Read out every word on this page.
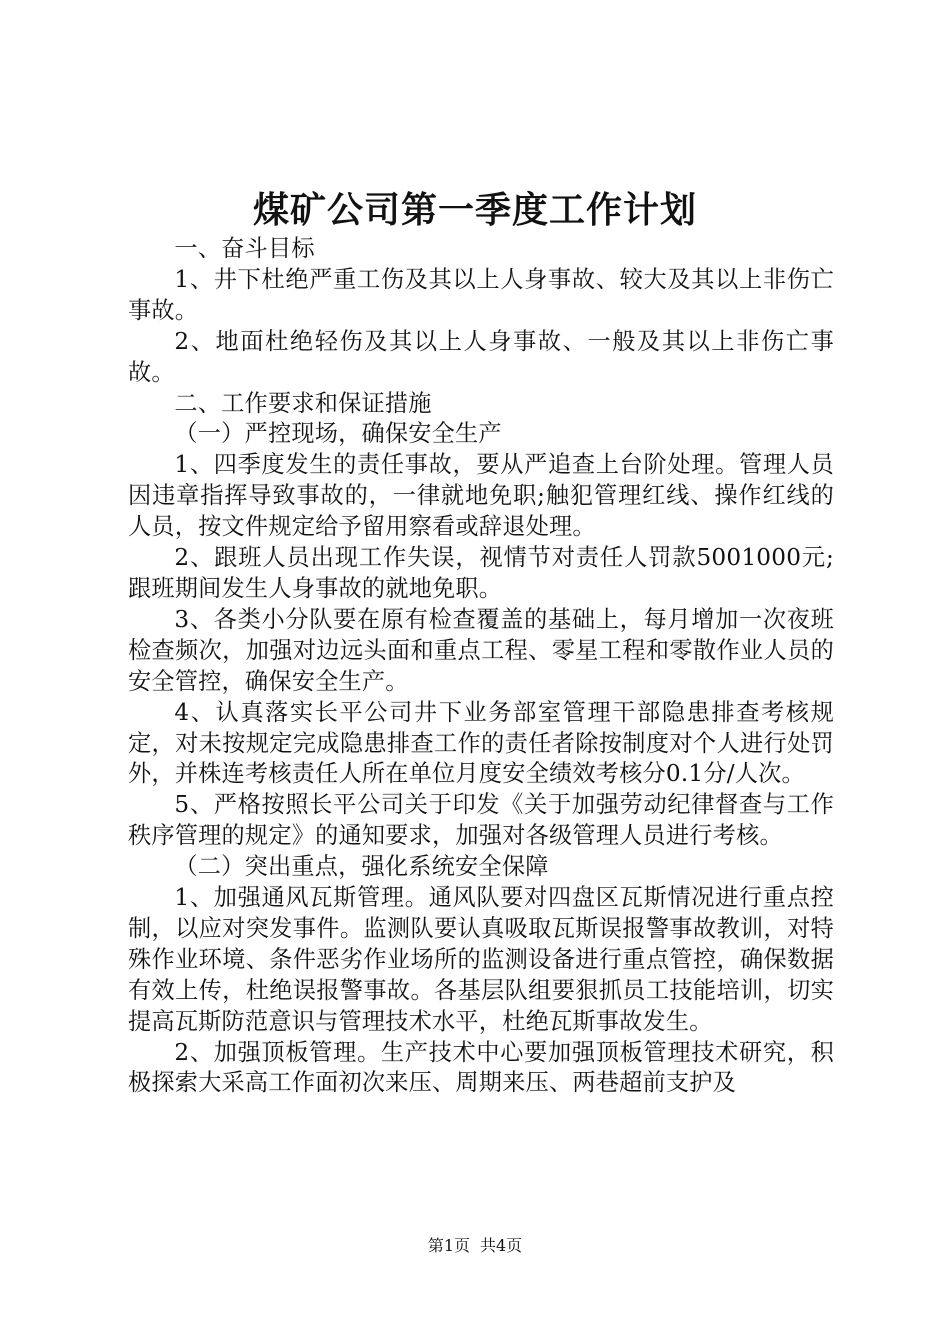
煤矿公司第一季度工作计划

一、奋斗目标

1、井下杜绝严重工伤及其以上人身事故、较大及其以上非伤亡事故。

2、地面杜绝轻伤及其以上人身事故、一般及其以上非伤亡事故。

二、工作要求和保证措施

（一）严控现场，确保安全生产

1、四季度发生的责任事故，要从严追查上台阶处理。管理人员因违章指挥导致事故的，一律就地免职;触犯管理红线、操作红线的人员，按文件规定给予留用察看或辞退处理。

2、跟班人员出现工作失误，视情节对责任人罚款5001000元;跟班期间发生人身事故的就地免职。

3、各类小分队要在原有检查覆盖的基础上，每月增加一次夜班检查频次，加强对边远头面和重点工程、零星工程和零散作业人员的安全管控，确保安全生产。

4、认真落实长平公司井下业务部室管理干部隐患排查考核规定，对未按规定完成隐患排查工作的责任者除按制度对个人进行处罚外，并株连考核责任人所在单位月度安全绩效考核分0.1分/人次。

5、严格按照长平公司关于印发《关于加强劳动纪律督查与工作秩序管理的规定》的通知要求，加强对各级管理人员进行考核。

（二）突出重点，强化系统安全保障

1、加强通风瓦斯管理。通风队要对四盘区瓦斯情况进行重点控制，以应对突发事件。监测队要认真吸取瓦斯误报警事故教训，对特殊作业环境、条件恶劣作业场所的监测设备进行重点管控，确保数据有效上传，杜绝误报警事故。各基层队组要狠抓员工技能培训，切实提高瓦斯防范意识与管理技术水平，杜绝瓦斯事故发生。

2、加强顶板管理。生产技术中心要加强顶板管理技术研究，积极探索大采高工作面初次来压、周期来压、两巷超前支护及

第1页 共4页
